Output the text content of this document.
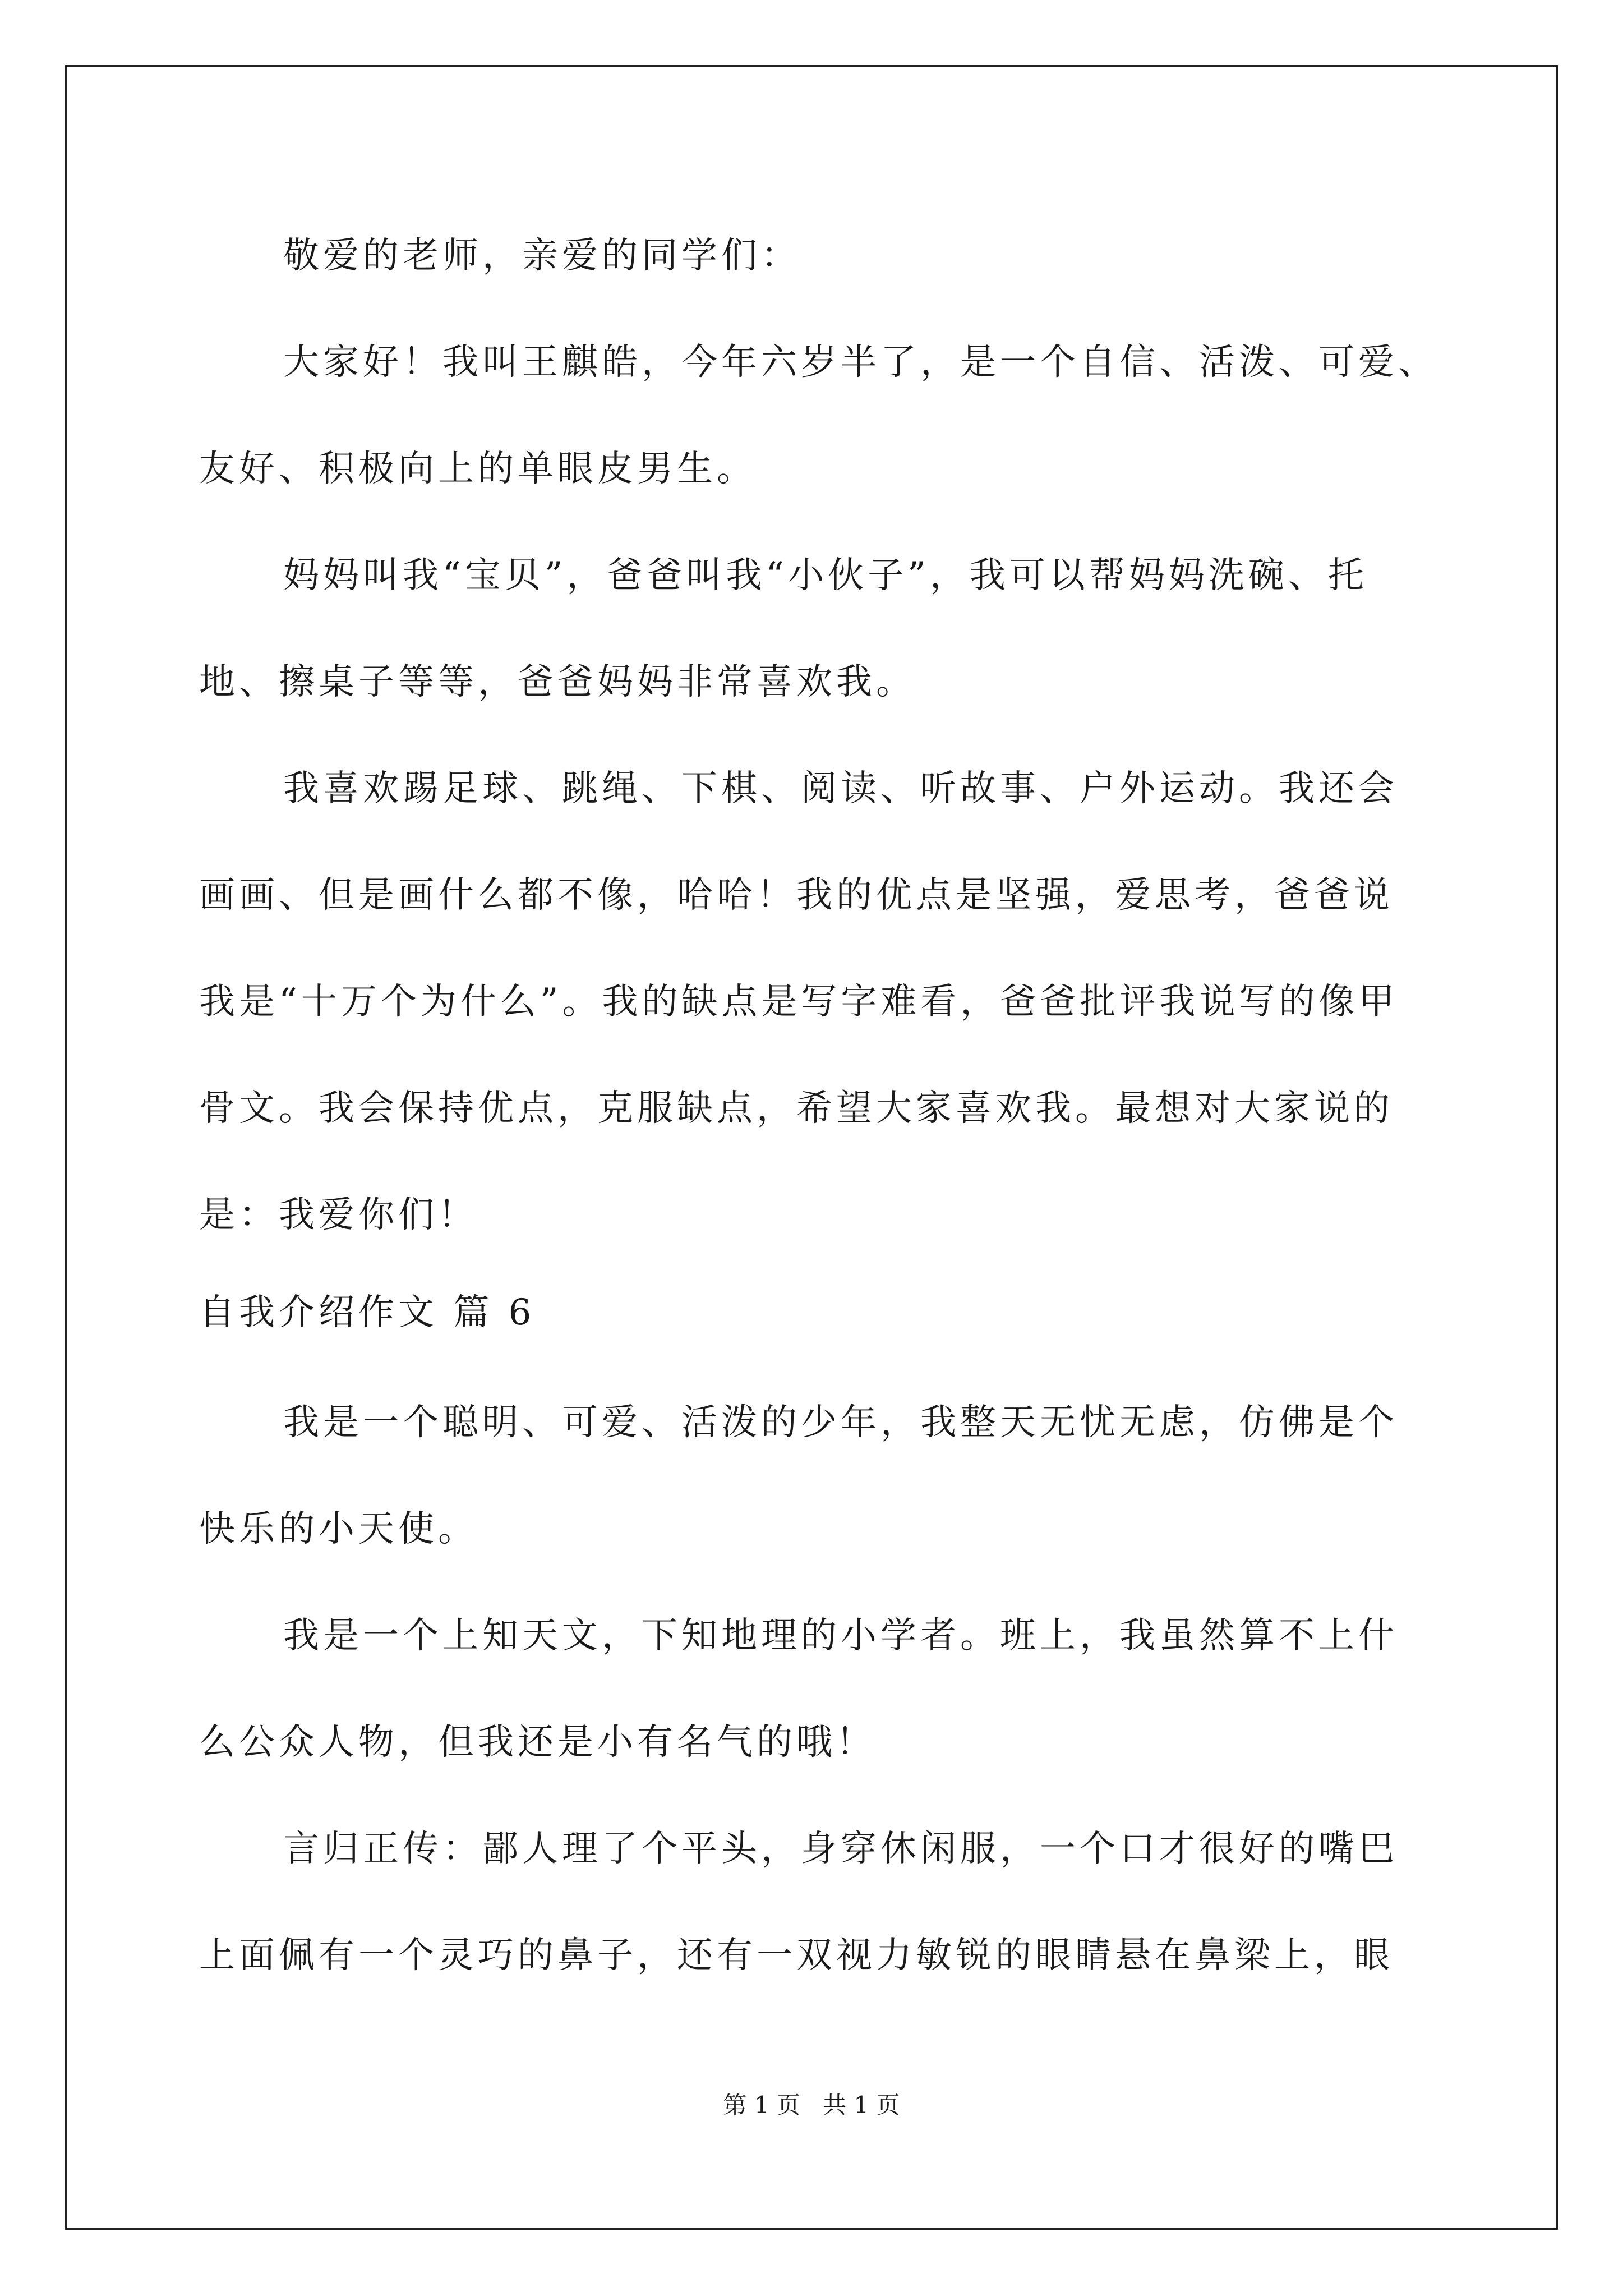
敬爱的老师，亲爱的同学们：
大家好！我叫王麒皓，今年六岁半了，是一个自信、活泼、可爱、
友好、积极向上的单眼皮男生。
妈妈叫我“宝贝”，爸爸叫我“小伙子”，我可以帮妈妈洗碗、托
地、擦桌子等等，爸爸妈妈非常喜欢我。
我喜欢踢足球、跳绳、下棋、阅读、听故事、户外运动。我还会
画画、但是画什么都不像，哈哈！我的优点是坚强，爱思考，爸爸说
我是“十万个为什么”。我的缺点是写字难看，爸爸批评我说写的像甲
骨文。我会保持优点，克服缺点，希望大家喜欢我。最想对大家说的
是：我爱你们！
自我介绍作文 篇 6
我是一个聪明、可爱、活泼的少年，我整天无忧无虑，仿佛是个
快乐的小天使。
我是一个上知天文，下知地理的小学者。班上，我虽然算不上什
么公众人物，但我还是小有名气的哦！
言归正传：鄙人理了个平头，身穿休闲服，一个口才很好的嘴巴
上面佩有一个灵巧的鼻子，还有一双视力敏锐的眼睛悬在鼻梁上，眼
第 1 页   共 1 页
